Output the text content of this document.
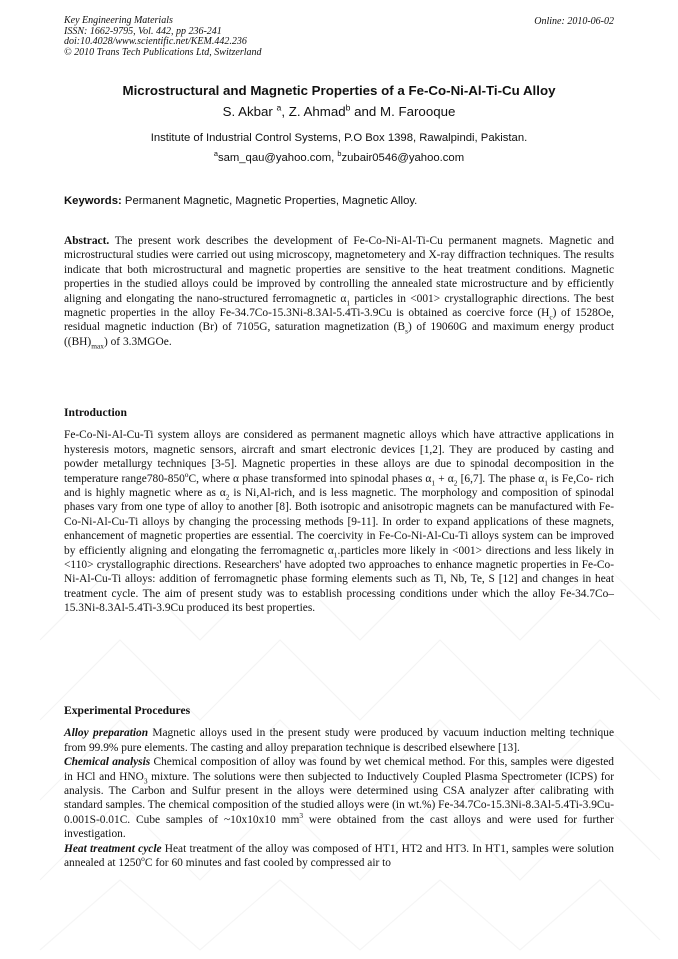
Key Engineering Materials
ISSN: 1662-9795, Vol. 442, pp 236-241
doi:10.4028/www.scientific.net/KEM.442.236
© 2010 Trans Tech Publications Ltd, Switzerland
Online: 2010-06-02
Microstructural and Magnetic Properties of a Fe-Co-Ni-Al-Ti-Cu Alloy
S. Akbar $^a$, Z. Ahmad$^b$ and M. Farooque
Institute of Industrial Control Systems, P.O Box 1398, Rawalpindi, Pakistan.
$^a$sam_qau@yahoo.com, $^b$zubair0546@yahoo.com
Keywords: Permanent Magnetic, Magnetic Properties, Magnetic Alloy.

Abstract. The present work describes the development of Fe-Co-Ni-Al-Ti-Cu permanent magnets. Magnetic and microstructural studies were carried out using microscopy, magnetometery and X-ray diffraction techniques. The results indicate that both microstructural and magnetic properties are sensitive to the heat treatment conditions. Magnetic properties in the studied alloys could be improved by controlling the annealed state microstructure and by efficiently aligning and elongating the nano-structured ferromagnetic $\alpha_1$ particles in <001> crystallographic directions. The best magnetic properties in the alloy Fe-34.7Co-15.3Ni-8.3Al-5.4Ti-3.9Cu is obtained as coercive force $(H_c)$ of 1528Oe, residual magnetic induction (Br) of 7105G, saturation magnetization $(B_s)$ of 19060G and maximum energy product $((BH)_{max})$ of 3.3MGOe.

Introduction

Fe-Co-Ni-Al-Cu-Ti system alloys are considered as permanent magnetic alloys which have attractive applications in hysteresis motors, magnetic sensors, aircraft and smart electronic devices [1,2]. They are produced by casting and powder metallurgy techniques [3-5]. Magnetic properties in these alloys are due to spinodal decomposition in the temperature range780-850$^o$C, where α phase transformed into spinodal phases $\alpha_1 + \alpha_2$ [6,7]. The phase $\alpha_1$ is Fe,Co- rich and is highly magnetic where as $\alpha_2$ is Ni,Al-rich, and is less magnetic. The morphology and composition of spinodal phases vary from one type of alloy to another [8]. Both isotropic and anisotropic magnets can be manufactured with Fe-Co-Ni-Al-Cu-Ti alloys by changing the processing methods [9-11]. In order to expand applications of these magnets, enhancement of magnetic properties are essential. The coercivity in Fe-Co-Ni-Al-Cu-Ti alloys system can be improved by efficiently aligning and elongating the ferromagnetic $\alpha_1.particles$ more likely in <001> directions and less likely in <110> crystallographic directions. Researchers' have adopted two approaches to enhance magnetic properties in Fe-Co-Ni-Al-Cu-Ti alloys: addition of ferromagnetic phase forming elements such as Ti, Nb, Te, S [12] and changes in heat treatment cycle. The aim of present study was to establish processing conditions under which the alloy Fe-34.7Co–15.3Ni-8.3Al-5.4Ti-3.9Cu produced its best properties.

Experimental Procedures

Alloy preparation Magnetic alloys used in the present study were produced by vacuum induction melting technique from 99.9% pure elements. The casting and alloy preparation technique is described elsewhere [13].

Chemical analysis Chemical composition of alloy was found by wet chemical method. For this, samples were digested in HCl and $HNO_3$ mixture. The solutions were then subjected to Inductively Coupled Plasma Spectrometer (ICPS) for analysis. The Carbon and Sulfur present in the alloys were determined using CSA analyzer after calibrating with standard samples. The chemical composition of the studied alloys were (in wt.%) Fe-34.7Co-15.3Ni-8.3Al-5.4Ti-3.9Cu-0.001S-0.01C. Cube samples of ~10x10x10 $mm^3$ were obtained from the cast alloys and were used for further investigation.

Heat treatment cycle Heat treatment of the alloy was composed of HT1, HT2 and HT3. In HT1, samples were solution annealed at 1250$^o$C for 60 minutes and fast cooled by compressed air to
